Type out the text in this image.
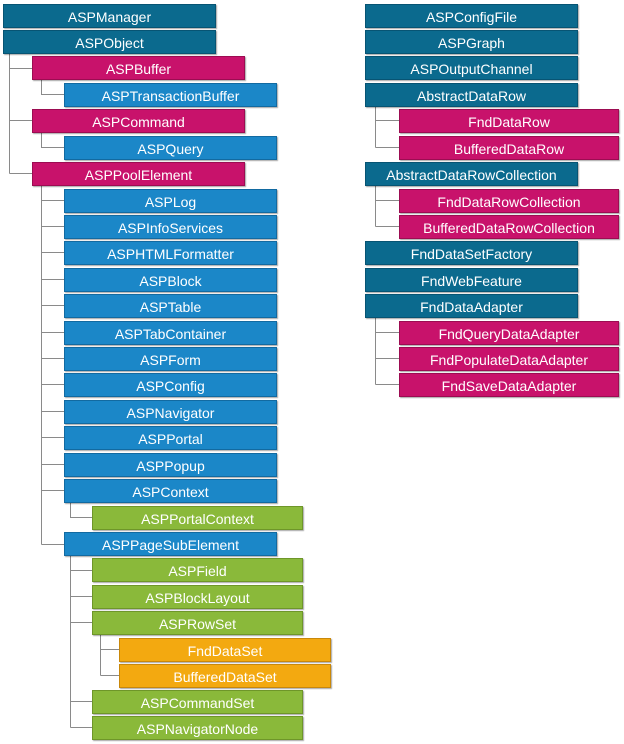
ASPManager
ASPObject
ASPBuffer
ASPTransactionBuffer
ASPCommand
ASPQuery
ASPPoolElement
ASPLog
ASPInfoServices
ASPHTMLFormatter
ASPBlock
ASPTable
ASPTabContainer
ASPForm
ASPConfig
ASPNavigator
ASPPortal
ASPPopup
ASPContext
ASPPortalContext
ASPPageSubElement
ASPField
ASPBlockLayout
ASPRowSet
FndDataSet
BufferedDataSet
ASPCommandSet
ASPNavigatorNode
ASPConfigFile
ASPGraph
ASPOutputChannel
AbstractDataRow
FndDataRow
BufferedDataRow
AbstractDataRowCollection
FndDataRowCollection
BufferedDataRowCollection
FndDataSetFactory
FndWebFeature
FndDataAdapter
FndQueryDataAdapter
FndPopulateDataAdapter
FndSaveDataAdapter
